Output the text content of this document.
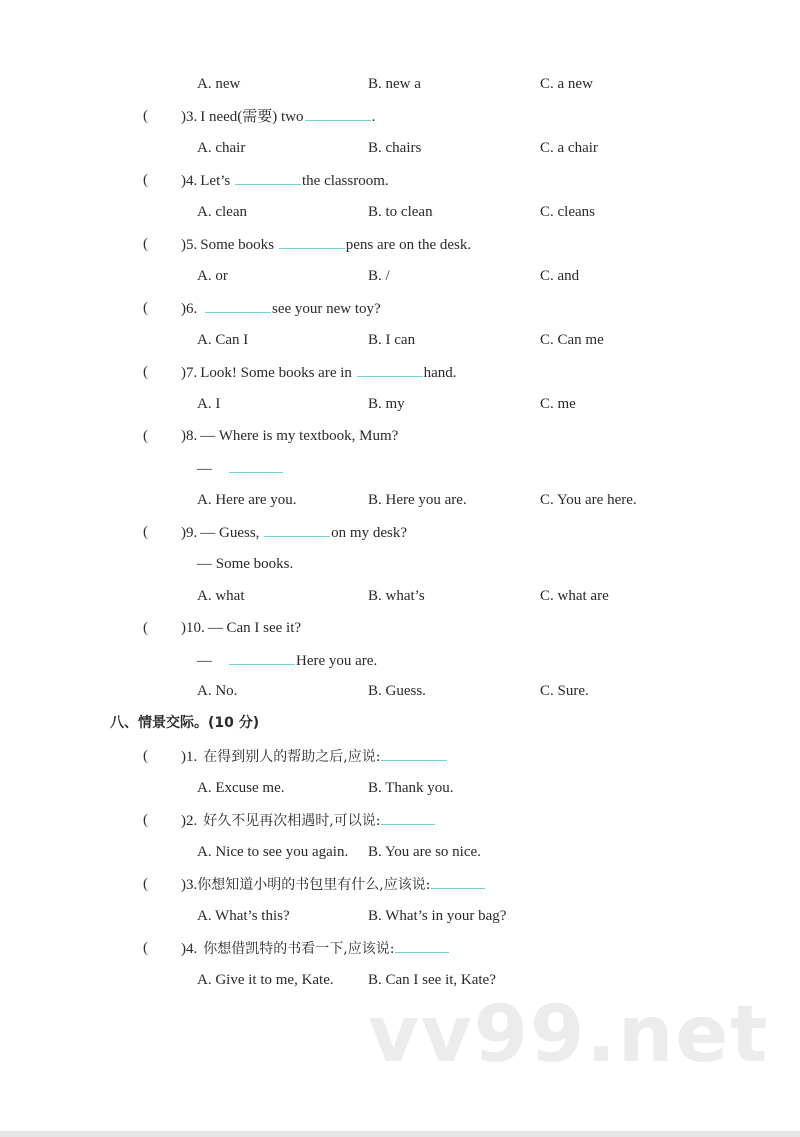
A. new	B. new a	C. a new
( )3. I need(需要) two	.
A. chair	B. chairs	C. a chair
( )4. Let’s	the classroom.
A. clean	B. to clean	C. cleans
( )5. Some books	pens are on the desk.
A. or	B. /	C. and
( )6.	see your new toy?
A. Can I	B. I can	C. Can me
( )7. Look! Some books are in	hand.
A. I	B. my	C. me
( )8. — Where is my textbook, Mum?
—
A. Here are you.	B. Here you are.	C. You are here.
( )9. — Guess,	on my desk?
— Some books.
A. what	B. what’s	C. what are
( )10. — Can I see it?
—	Here you are.
A. No.	B. Guess.	C. Sure.
八、情景交际。(10 分)
( )1. 在得到别人的帮助之后,应说:
A. Excuse me.	B. Thank you.
( )2. 好久不见再次相遇时,可以说:
A. Nice to see you again. B. You are so nice.
( )3.你想知道小明的书包里有什么,应该说:
A. What’s this?	B. What’s in your bag?
( )4. 你想借凯特的书看一下,应该说:
A. Give it to me, Kate. B. Can I see it, Kate?
vv99.net
